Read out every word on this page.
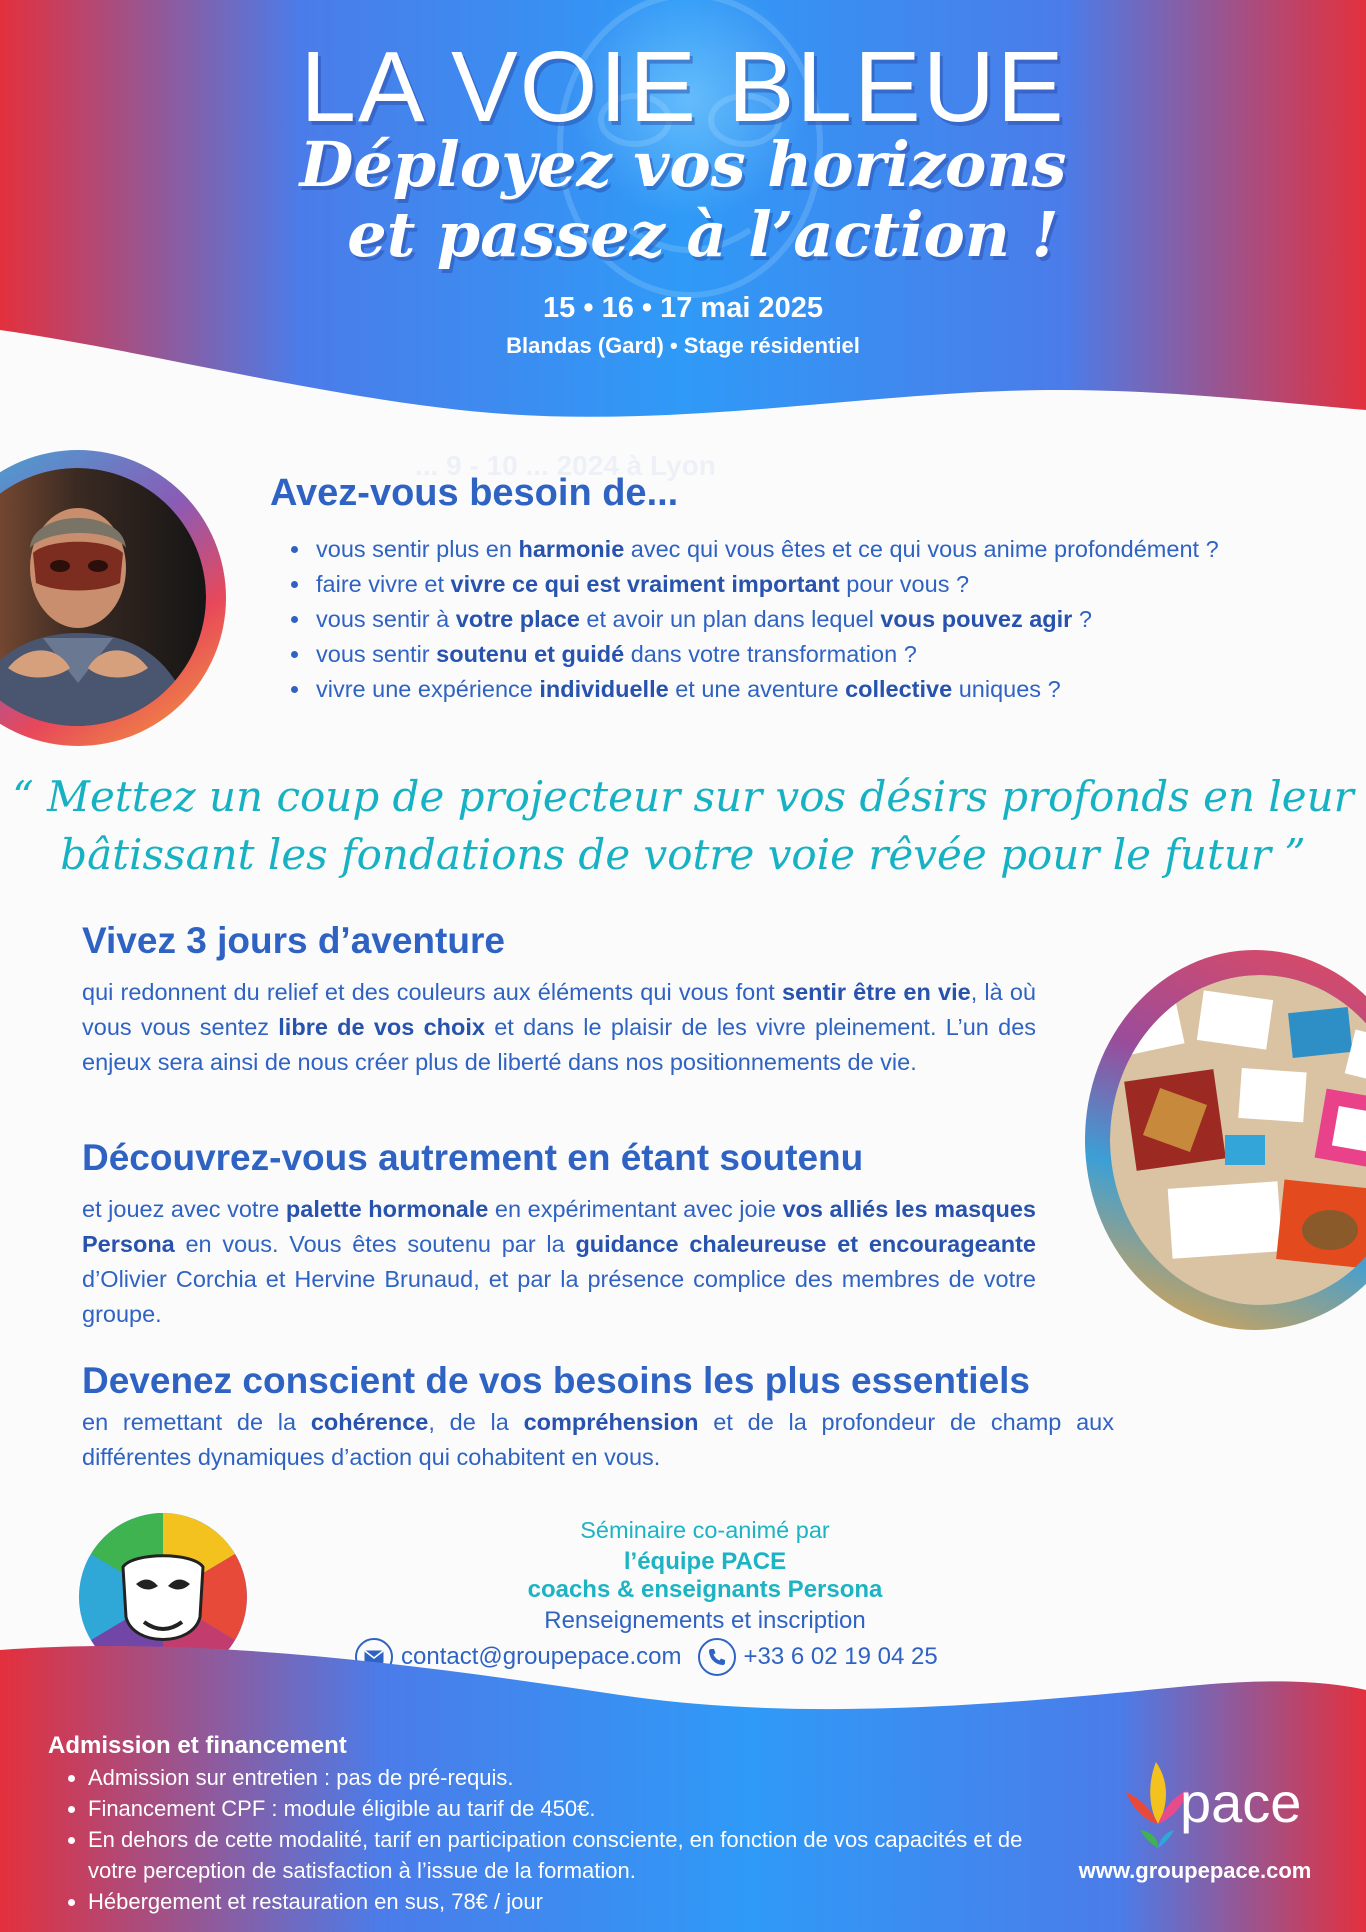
LA VOIE BLEUE
Déployez vos horizons
et passez à l’action !
15 • 16 • 17 mai 2025
Blandas (Gard) • Stage résidentiel
... 9 - 10 ... 2024 à Lyon
Avez-vous besoin de...
• vous sentir plus en harmonie avec qui vous êtes et ce qui vous anime profondément ?
• faire vivre et vivre ce qui est vraiment important pour vous ?
• vous sentir à votre place et avoir un plan dans lequel vous pouvez agir ?
• vous sentir soutenu et guidé dans votre transformation ?
• vivre une expérience individuelle et une aventure collective uniques ?
“ Mettez un coup de projecteur sur vos désirs profonds en leur
bâtissant les fondations de votre voie rêvée pour le futur ”
Vivez 3 jours d’aventure
qui redonnent du relief et des couleurs aux éléments qui vous font sentir être en vie, là où vous vous sentez libre de vos choix et dans le plaisir de les vivre pleinement. L’un des enjeux sera ainsi de nous créer plus de liberté dans nos positionnements de vie.
Découvrez-vous autrement en étant soutenu
et jouez avec votre palette hormonale en expérimentant avec joie vos alliés les masques Persona en vous. Vous êtes soutenu par la guidance chaleureuse et encourageante d’Olivier Corchia et Hervine Brunaud, et par la présence complice des membres de votre groupe.
Devenez conscient de vos besoins les plus essentiels
en remettant de la cohérence, de la compréhension et de la profondeur de champ aux différentes dynamiques d’action qui cohabitent en vous.
Séminaire co-animé par
l’équipe PACE
coachs & enseignants Persona
Renseignements et inscription
contact@groupepace.com	+33 6 02 19 04 25
Admission et financement
• Admission sur entretien : pas de pré-requis.
• Financement CPF : module éligible au tarif de 450€.
• En dehors de cette modalité, tarif en participation consciente, en fonction de vos capacités et de votre perception de satisfaction à l’issue de la formation.
• Hébergement et restauration en sus, 78€ / jour
pace
www.groupepace.com
